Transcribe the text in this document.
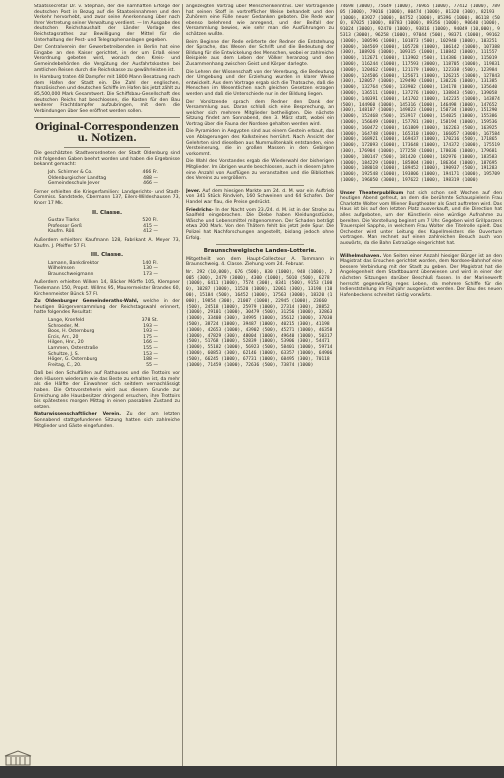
Staatssecretär Dr. v. Stephan, der die namhaften Erfolge der deutschen Post in Bezug auf die Staatseinnahmen und den Verkehr hervorhebt, und zwar seine Anerkennung über nach Ihrer Vertretung seiner Verwaltung verdient. — Im Ausgabe des deutschen Reichshaushalt der Länder Vorlage des Reichstagsrathes zur Bewilligung der Mittel für die Unterhaltung der Pest- und Telegraphenanlagen gegeben.

Der Centralverein der Gewerbetreibenden in Berlin hat eine Eingabe an den Kaiser gerichtet, in der um Erlaß einer Verordnung gebeten wird, wonach den Kreis- und Gemeindebehörden die Vergütung der Ausfahrtskosten bei amtlichen Reisen durch die Reichskasse zu gewährleisten ist.

In Hamburg traten 48 Dampfer mit 1800 Mann Besatzung nach dem Hafen der Stadt ein. Die Zahl der englischen, französischen und deutschen Schiffe im Hafen bis jetzt zählt zu 85,500,000 Mark Gesamtwert. Die Schiffsbau-Gesellschaft des deutschen Reichs hat beschlossen, die Kosten für den Bau weiterer Frachtdampfer aufzubringen, mit dem die Verbindungen über See eröffnet werden sollen.

Original-Correspondenzen u. Notizen.

Die geschätzten Stadtverordneten der Stadt Oldenburg sind mit folgenden Gaben beehrt worden und haben die Ergebnisse bekannt gemacht:

Joh. Schirmer & Co.	466 Fr.
Oldenburgischer Landtag	488 —
Gemeindeschule Jever	466 —

Ferner erhielten die Kriegerfamilien: Landgerichts- und Stadt-Commiss. Sandstede, Cbermann 137, Eilers-Wildeshausen 73, Knorr 17 Mk.

II. Classe.
Gustav Tiarks	520 Fl.
Professor Gerß	415 —
Kaufm. Röß	412 —

Außerdem erhielten: Kaufmann 128, Fabrikant A. Meyer 73, Kaufm. J. Pfeiffer 57 Fl.

III. Classe.
Lamann, Bankdirektor	140 Fl.
Wilhelmsen	130 —
Braunschweigmann	173 —

Außerdem erhielten Wilken 14, Bäcker Mörffe 105, Klempner Tiedemann 150, Propst. Willms 95, Maurermeister Brandes 60, Kirchenmeister Bünck 57 Fl.

Zu Oldenburger Gemeinderaths-Wahl, welche in der heutigen Bürgerversammlung der Reichstagswahl erinnert, hatte folgendes Resultat:

Lange, Kronfeld	378 St.
Schroeder, M.	193 —
Boos, H. Osternburg	193 —
Ercis, Arr., 20	175 —
Hilgen, Hnr., 20	166 —
Lammen, Osterstraße	155 —
Schultze, J. S.	153 —
Höger, G. Osternburg	188 —
Freitag, C., 20.	55 —

Daß bei den Schulfällen auf Rathauses und die Trottoirs vor den Häusern wiederum wie das Beste zu erhalten ist, da mehr als die Hälfte der Einwohner sich seitdem vernachlässigt haben. Die Ortsvorsteherin wird aus diesem Grunde zur Erreichung alle Hausbesitzer dringend ersuchen, ihre Trottoirs bis spätestens morgen Mittag in einen passablen Zustand zu setzen.

Naturwissenschaftlicher Verein. Zu der am letzten Sonnabend stattgefundenen Sitzung hatten sich zahlreiche Mitglieder und Gäste eingefunden.

angezeigten Vortrag über Menschenkenntnis. Der Vortragende hat seinen Stoff in vortrefflicher Weise behandelt und den Zuhörern eine Fülle neuer Gedanken geboten. Die Rede war ebenso belehrend wie anregend, und der Beifall der Versammlung bewies, wie sehr man die Ausführungen zu schätzen wußte.

Beim Beginne der Rede erörterte der Redner die Entstehung der Sprache, das Wesen der Schrift und die Bedeutung der Bildung für die Entwickelung des Menschen, wobei er zahlreiche Beispiele aus dem Leben der Völker heranzog und den Zusammenhang zwischen Geist und Körper darlegte.

Die Lehren der Wissenschaft von der Vererbung, die Bedeutung der Umgebung und der Erziehung wurden in klarer Weise entwickelt. Aus dem Vortrage ergab sich die Thatsache, daß die Menschen im Wesentlichen nach gleichen Gesetzen erzogen werden und daß die Unterschiede nur in der Bildung liegen.

Der Vorsitzende sprach dem Redner den Dank der Versammlung aus. Daran schloß sich eine Besprechung, an welcher sich mehrere Mitglieder betheiligten. Die nächste Sitzung findet am Sonnabend, den 3. März statt, wobei ein Vortrag über die Fauna der Nordsee gehalten werden wird.

Die Pyramiden in Aegypten sind aus einem Gestein erbaut, das von Ablagerungen des Kalksteines herrührt. Nach Ansicht der Gelehrten sind dieselben aus Nummulitenkalk entstanden, eine Versteinerung, die in großen Massen in den Gebirgen vorkommt.

Die Wahl des Vorstandes ergab die Wiederwahl der bisherigen Mitglieder. Im übrigen wurde beschlossen, auch in diesem Jahre eine Anzahl von Ausflügen zu veranstalten und die Bibliothek des Vereins zu vergrößern.

Jever. Auf dem hiesigen Markte am 24. d. M. war ein Auftrieb von 341 Stück Rindvieh, 160 Schweinen und 64 Schafen. Der Handel war flau, die Preise gedrückt.

Friedrichs- In der Nacht vom 23./24. d. M. ist in der Strohe zu Saalfeld eingebrochen. Die Diebe haben Kleidungsstücke, Wäsche und Lebensmittel mitgenommen. Der Schaden beträgt etwa 200 Mark. Von den Thätern fehlt bis jetzt jede Spur. Die Polizei hat Nachforschungen angestellt, bislang jedoch ohne Erfolg.

Braunschweigische Landes-Lotterie.

Mitgetheilt von dem Haupt-Collecteur A. Tommann in Braunschweig. 4. Classe. Ziehung vom 24. Februar.

Nr. 292 (10,000), 676 (500), 830 (1000), 948 (1000), 2005 (300), 2479 (3000), 4300 (1000), 5010 (500), 6278 (1000), 6411 (1000), 7574 (300), 8341 (500), 9153 (1000), 10287 (1000), 11520 (1000), 12061 (300), 13198 (1000), 15184 (500), 16452 (1000), 17563 (3000), 18320 (1000), 19854 (300), 21007 (1000), 22945 (1000), 23660 (500), 24518 (1000), 25979 (1000), 27314 (300), 28852 (1000), 29101 (1000), 30479 (500), 31256 (1000), 32863 (1000), 33408 (300), 34995 (1000), 35612 (1000), 37030 (500), 38724 (1000), 39487 (1000), 40215 (300), 41198 (1000), 42653 (1000), 43902 (500), 45271 (1000), 46358 (1000), 47829 (300), 48004 (1000), 49640 (1000), 50317 (500), 51768 (1000), 52839 (1000), 53906 (300), 54471 (1000), 55182 (1000), 56923 (500), 58401 (1000), 59714 (1000), 60853 (300), 62146 (1000), 63357 (1000), 64906 (500), 66245 (1000), 67731 (1000), 68495 (300), 70118 (1000), 71459 (1000), 72636 (500), 73874 (1000)

74698 (3000), 75649 (1000), 76965 (1000), 77412 (1000), 78905 (3000), 79016 (1000), 80474 (1000), 81320 (300), 82193 (1000), 83927 (1000), 84752 (1000), 85396 (1000), 86118 (500), 87025 (1000), 88783 (1000), 89356 (1000), 90640 (1000), 91024 (3000), 92470 (1000), 93816 (1000), 94049 (10,000), 95313 (3000), 96258 (1000), 97044 (500), 98371 (1000), 99162 (1000), 100596 (1000), 101873 (500), 102940 (1000), 103251 (3000), 104569 (1000), 105728 (1000), 106142 (1000), 107388 (300), 108926 (1000), 109315 (1000), 110842 (1000), 111557 (1000), 112671 (1000), 113902 (500), 114386 (1000), 115019 (1000), 116244 (1000), 117593 (3000), 118705 (1000), 119831 (1000), 120462 (1000), 121179 (1000), 122338 (500), 123984 (1000), 124506 (1000), 125671 (1000), 126215 (1000), 127843 (300), 128057 (1000), 129490 (1000), 130226 (1000), 131385 (1000), 132764 (500), 133902 (1000), 134178 (1000), 135640 (3000), 136511 (1000), 137276 (1000), 138843 (500), 139058 (1000), 140391 (1000), 141702 (1000), 142235 (1000), 143874 (500), 144960 (1000), 145316 (1000), 146498 (1000), 147652 (300), 148107 (1000), 149823 (1000), 150734 (1000), 151290 (1000), 152468 (500), 153917 (1000), 154025 (1000), 155386 (1000), 156649 (1000), 157781 (300), 158194 (1000), 159536 (1000), 160472 (1000), 161809 (1000), 162263 (500), 163925 (1000), 164748 (1000), 165310 (1000), 166057 (3000), 167584 (1000), 168921 (1000), 169437 (1000), 170216 (500), 171865 (1000), 172093 (1000), 173648 (1000), 174372 (1000), 175519 (300), 176904 (1000), 177258 (1000), 178036 (1000), 179681 (1000), 180147 (500), 181420 (1000), 182976 (1000), 183583 (1000), 184229 (1000), 185804 (300), 186364 (1000), 187695 (1000), 188018 (1000), 189452 (1000), 190937 (500), 191283 (1000), 192548 (1000), 193806 (1000), 194171 (1000), 195709 (1000), 196050 (3000), 197622 (1000), 198319 (1000)

Unser Theaterpublikum hat sich schon seit Wochen auf den heutigen Abend gefreut, an dem die berühmte Schauspielerin Frau Charlotte Wolter vom Wiener Burgtheater als Gast auftreten wird. Das Haus ist bis auf den letzten Platz ausverkauft, und die Direction hat alles aufgeboten, um der Künstlerin eine würdige Aufnahme zu bereiten. Die Vorstellung beginnt um 7 Uhr. Gegeben wird Grillparzers Trauerspiel Sappho, in welchem Frau Wolter die Titelrolle spielt. Das Orchester wird unter Leitung des Kapellmeisters die Ouverture vortragen. Man rechnet auf einen zahlreichen Besuch auch von auswärts, da die Bahn Extrazüge eingerichtet hat.

Wilhelmshaven. Von Seiten einer Anzahl hiesiger Bürger ist an den Magistrat das Ersuchen gerichtet worden, dem Nordsee-Bahnhof eine bessere Verbindung mit der Stadt zu geben. Der Magistrat hat die Angelegenheit dem Stadtbauamt überwiesen und wird in einer der nächsten Sitzungen darüber Beschluß fassen. In der Marinewerft herrscht gegenwärtig reges Leben, da mehrere Schiffe für die Indienststellung im Frühjahr ausgerüstet werden. Der Bau des neuen Hafenbeckens schreitet rüstig vorwärts.
